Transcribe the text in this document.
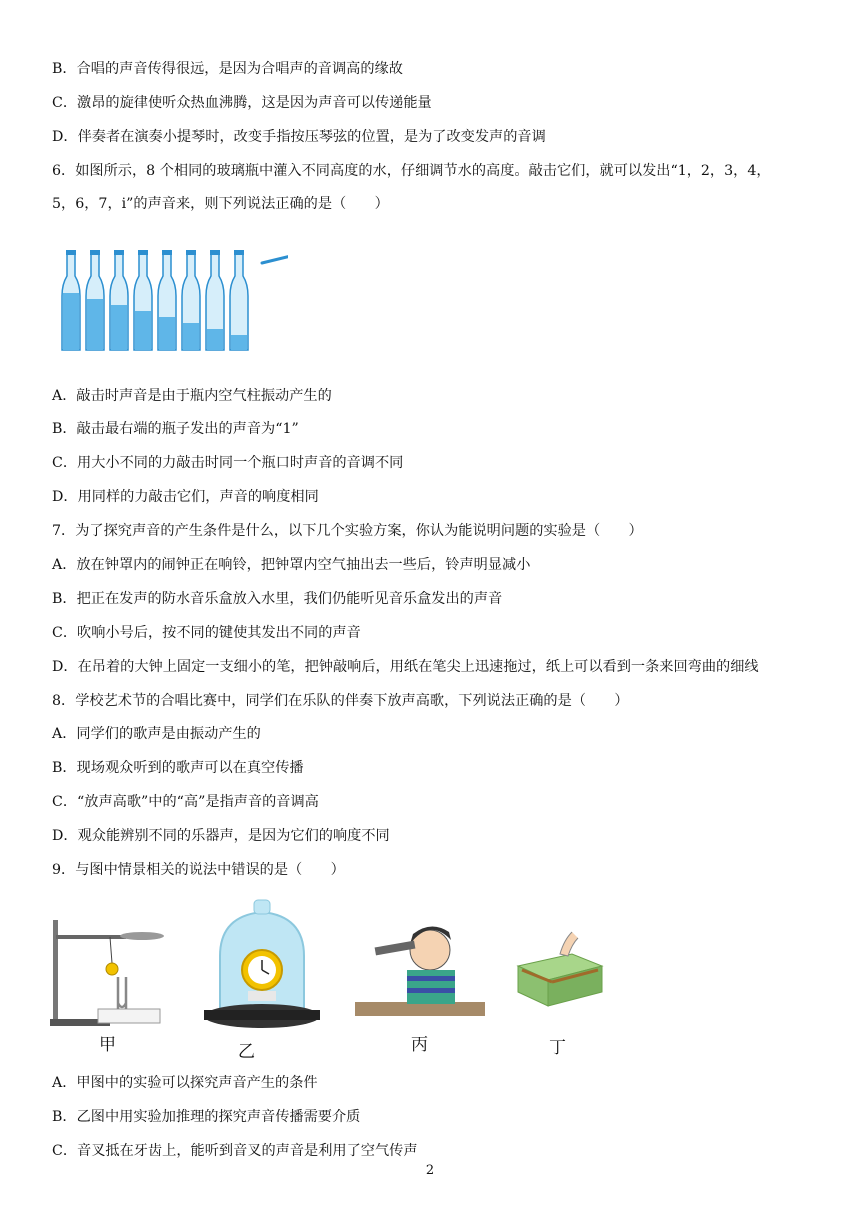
B．合唱的声音传得很远，是因为合唱声的音调高的缘故
C．激昂的旋律使听众热血沸腾，这是因为声音可以传递能量
D．伴奏者在演奏小提琴时，改变手指按压琴弦的位置，是为了改变发声的音调
6．如图所示，8 个相同的玻璃瓶中灌入不同高度的水，仔细调节水的高度。敲击它们，就可以发出“1，2，3，4，
5，6，7，i”的声音来，则下列说法正确的是（　　）
A．敲击时声音是由于瓶内空气柱振动产生的
B．敲击最右端的瓶子发出的声音为“1”
C．用大小不同的力敲击时同一个瓶口时声音的音调不同
D．用同样的力敲击它们，声音的响度相同
7．为了探究声音的产生条件是什么，以下几个实验方案，你认为能说明问题的实验是（　　）
A．放在钟罩内的闹钟正在响铃，把钟罩内空气抽出去一些后，铃声明显减小
B．把正在发声的防水音乐盒放入水里，我们仍能听见音乐盒发出的声音
C．吹响小号后，按不同的键使其发出不同的声音
D．在吊着的大钟上固定一支细小的笔，把钟敲响后，用纸在笔尖上迅速拖过，纸上可以看到一条来回弯曲的细线
8．学校艺术节的合唱比赛中，同学们在乐队的伴奏下放声高歌，下列说法正确的是（　　）
A．同学们的歌声是由振动产生的
B．现场观众听到的歌声可以在真空传播
C．“放声高歌”中的“高”是指声音的音调高
D．观众能辨别不同的乐器声，是因为它们的响度不同
9．与图中情景相关的说法中错误的是（　　）
甲	乙	丙	丁
A．甲图中的实验可以探究声音产生的条件
B．乙图中用实验加推理的探究声音传播需要介质
C．音叉抵在牙齿上，能听到音叉的声音是利用了空气传声
2
